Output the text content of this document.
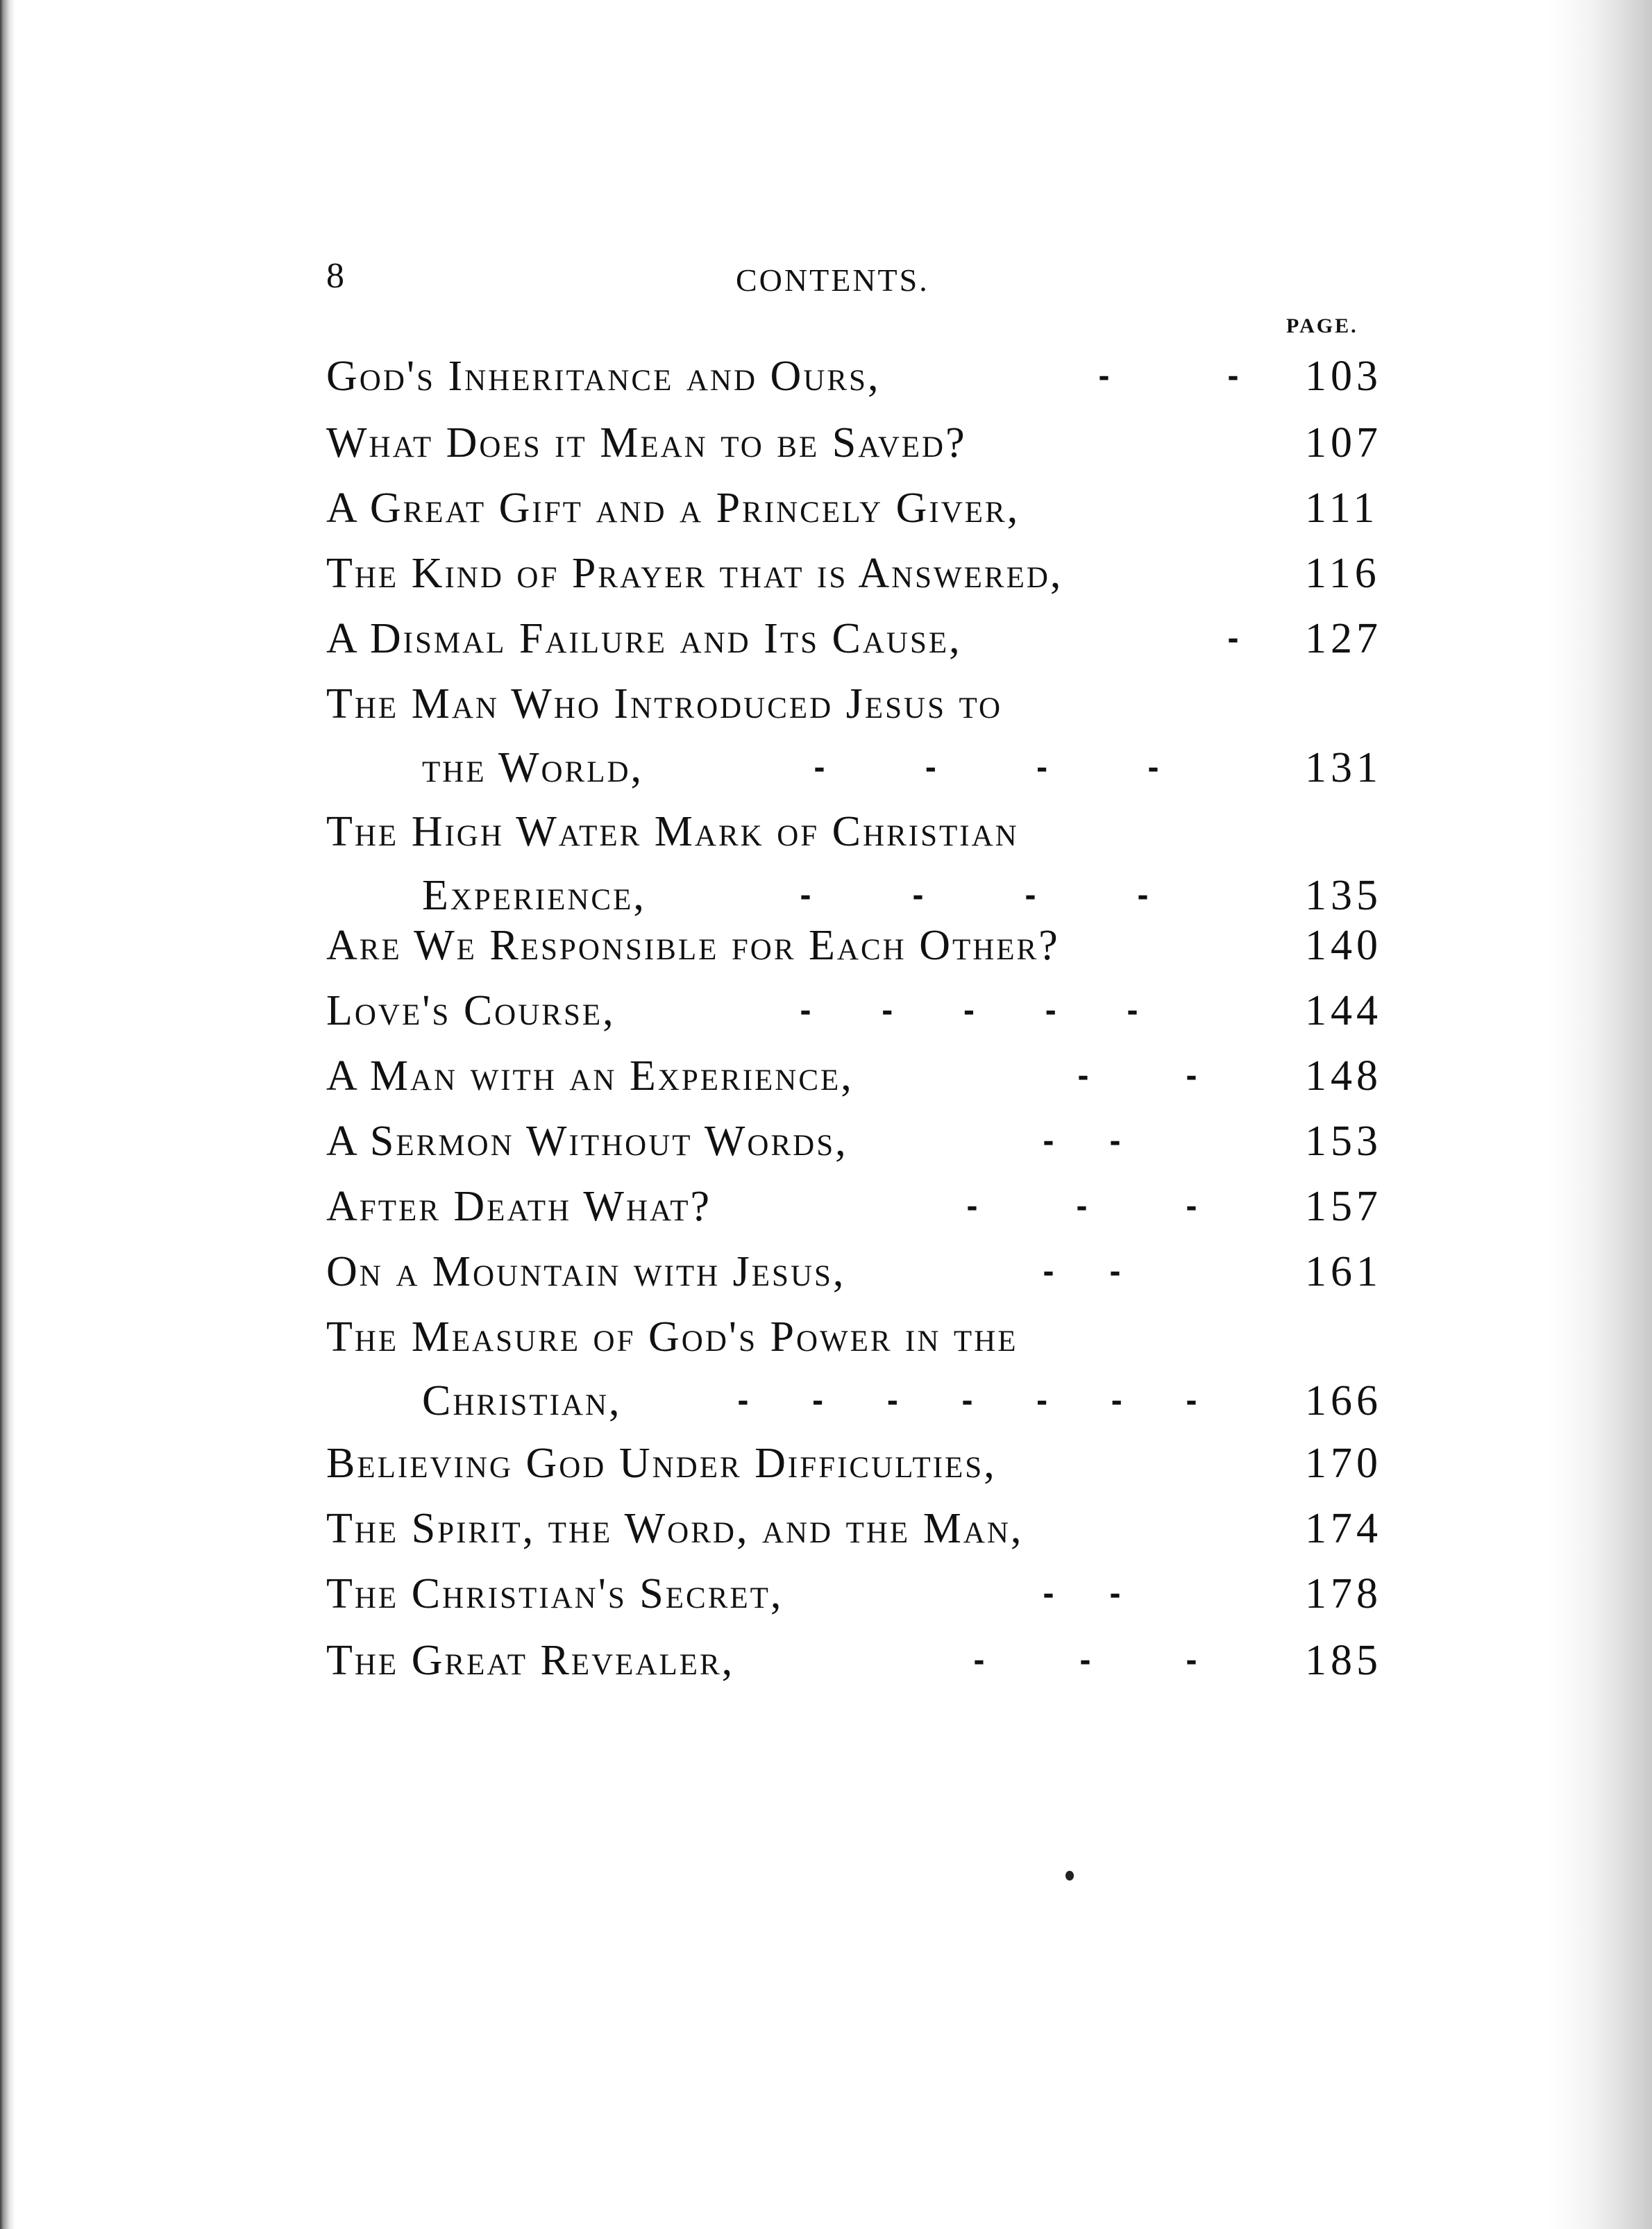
8	CONTENTS.
PAGE.
God's Inheritance and Ours,	-	- 103
What Does it Mean to be Saved?	107
A Great Gift and a Princely Giver,	111
The Kind of Prayer that is Answered,	116
A Dismal Failure and Its Cause,	- 127
The Man Who Introduced Jesus to
the World,	-	-	-	-	131
The High Water Mark of Christian
Experience,	-	-	-	-	135
Are We Responsible for Each Other?	140
Love's Course,	- - - - -	144
A Man with an Experience,	-	- 148
A Sermon Without Words,	- -	153
After Death What?	-	-	- 157
On a Mountain with Jesus,	- -	161
The Measure of God's Power in the
Christian,	- - - - - - - 166
Believing God Under Difficulties,	170
The Spirit, the Word, and the Man,	174
The Christian's Secret,	- -	178
The Great Revealer,	-	-	- 185
